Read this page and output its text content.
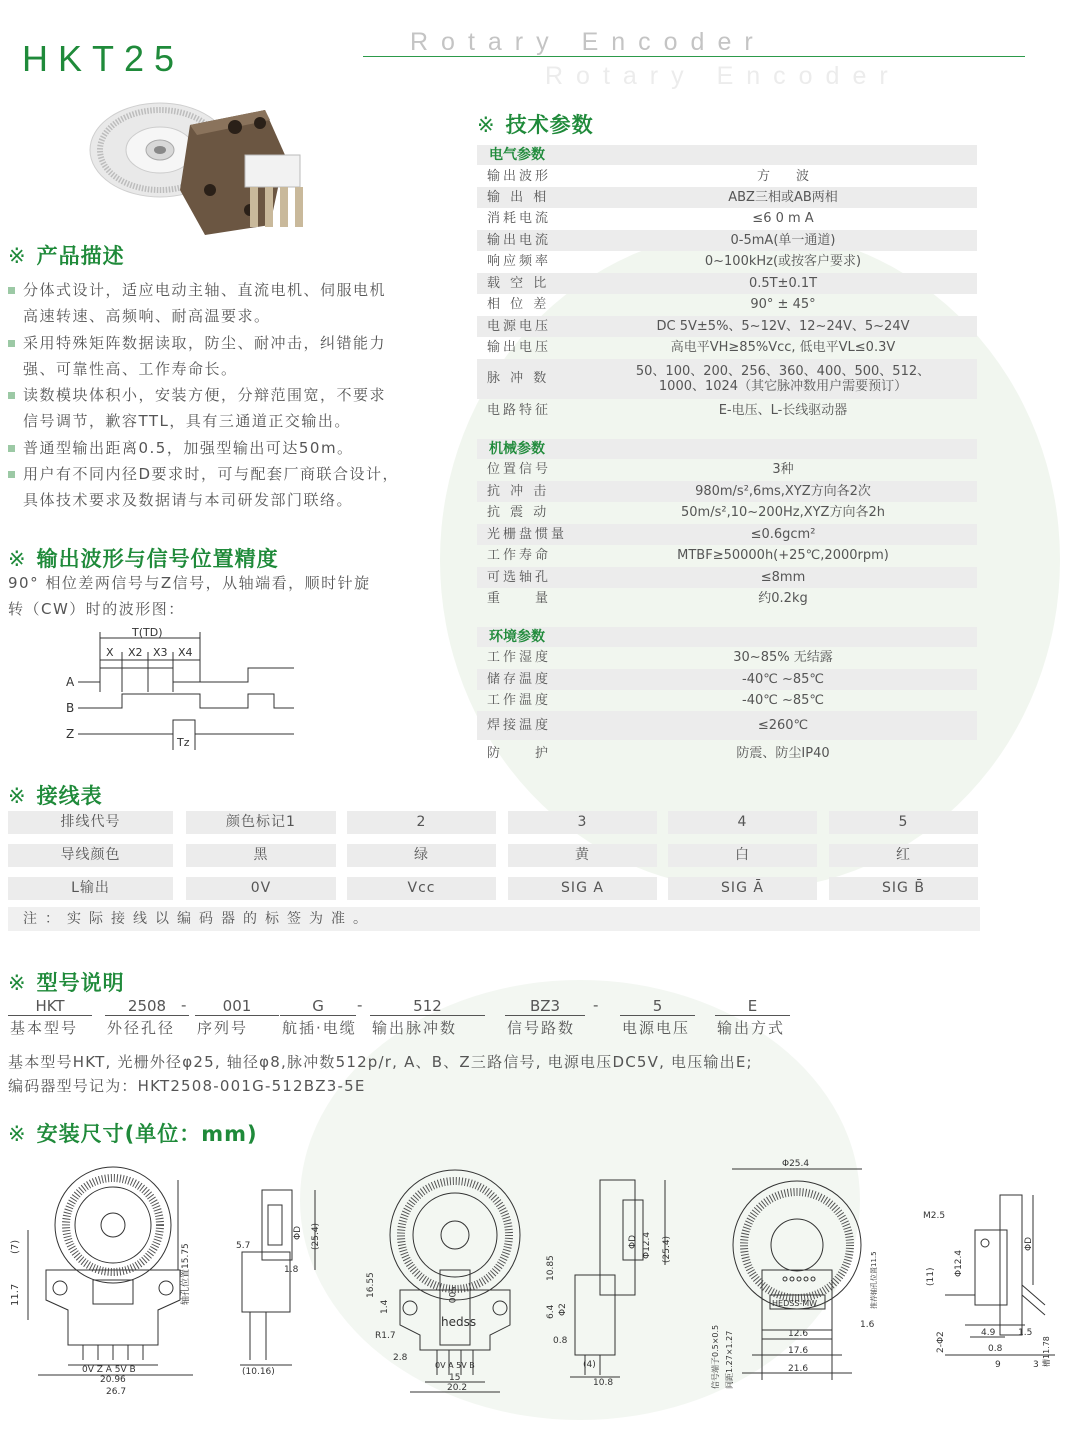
HKT25	Rotary Encoder
Rotary Encoder
※ 产品描述
分体式设计，适应电动主轴、直流电机、伺服电机
高速转速、高频响、耐高温要求。
采用特殊矩阵数据读取，防尘、耐冲击，纠错能力
强、可靠性高、工作寿命长。
读数模块体积小，安装方便，分辩范围宽，不要求
信号调节，歉容TTL，具有三通道正交输出。
普通型输出距离0.5，加强型输出可达50m。
用户有不同内径D要求时，可与配套厂商联合设计，
具体技术要求及数据请与本司研发部门联络。
※ 输出波形与信号位置精度
90° 相位差两信号与Z信号，从轴端看，顺时针旋
转（CW）时的波形图：
T(TD)
X X2 X3 X4
A
B
Z
Tz
※ 技术参数
电气参数
输出波形	方　　波
输 出 相	ABZ三相或AB两相
消耗电流	≤6 0 m A
输出电流	0-5mA(单一通道)
响应频率	0~100kHz(或按客户要求)
载 空 比	0.5T±0.1T
相 位 差	90° ± 45°
电源电压	DC 5V±5%、5~12V、12~24V、5~24V
输出电压	高电平VH≥85%Vcc, 低电平VL≤0.3V
脉 冲 数	50、100、200、256、360、400、500、512、
1000、1024（其它脉冲数用户需要预订）
电路特征	E-电压、L-长线驱动器
机械参数
位置信号	3种
抗 冲 击	980m/s²,6ms,XYZ方向各2次
抗 震 动	50m/s²,10~200Hz,XYZ方向各2h
光栅盘惯量	≤0.6gcm²
工作寿命	MTBF≥50000h(+25℃,2000rpm)
可选轴孔	≤8mm
重　　量	约0.2kg
环境参数
工作湿度	30~85% 无结露
储存温度	-40℃ ~85℃
工作温度	-40℃ ~85℃
焊接温度	≤260℃
防　　护	防震、防尘IP40
※ 接线表
排线代号	颜色标记1	2	3	4	5
导线颜色	黑	绿	黄	白	红
L输出	0V	Vcc	SIG A	SIG Ā	SIG B̄
注：实际接线以编码器的标签为准。
※ 型号说明
HKT
基本型号
2508
外径孔径
001
序列号
G
航插·电缆
512
输出脉冲数
BZ3
信号路数
5
电源电压
E
输出方式
-	-	-
基本型号HKT, 光栅外径φ25, 轴径φ8,脉冲数512p/r, A、B、Z三路信号, 电源电压DC5V, 电压输出E;
编码器型号记为：HKT2508-001G-512BZ3-5E
※ 安装尺寸(单位：mm)
(7)
11.7	轴孔位置15.75
0V Z A 5V B
20.96
26.7
ΦD (25.4)
5.7
1.8
(10.16)
16.55
1.4
R1.7
2.8
500
hedss
0V A 5V B
15
20.2
10.85
ΦD Φ12.4 (25.4)
Φ2
6.4
0.8
(4)
10.8
Φ25.4
HEDSS-MW	推荐轴孔位置11.5
信号端子0.5×0.5 间距1.27×1.27	12.6
17.6
21.6
1.6
M2.5
Φ12.4
ΦD
(11)
2-Φ2	4.9	1.5
0.8
9	3 槽11.78
